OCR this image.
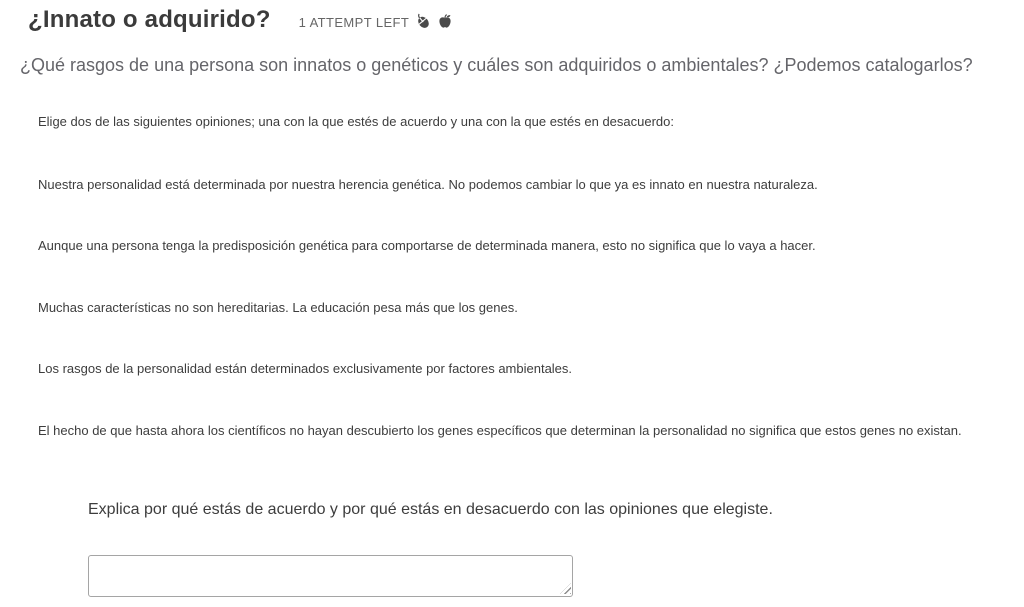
¿Innato o adquirido? 1 ATTEMPT LEFT

¿Qué rasgos de una persona son innatos o genéticos y cuáles son adquiridos o ambientales? ¿Podemos catalogarlos?

Elige dos de las siguientes opiniones; una con la que estés de acuerdo y una con la que estés en desacuerdo:

Nuestra personalidad está determinada por nuestra herencia genética. No podemos cambiar lo que ya es innato en nuestra naturaleza.
Aunque una persona tenga la predisposición genética para comportarse de determinada manera, esto no significa que lo vaya a hacer.
Muchas características no son hereditarias. La educación pesa más que los genes.
Los rasgos de la personalidad están determinados exclusivamente por factores ambientales.
El hecho de que hasta ahora los científicos no hayan descubierto los genes específicos que determinan la personalidad no significa que estos genes no existan.

Explica por qué estás de acuerdo y por qué estás en desacuerdo con las opiniones que elegiste.
